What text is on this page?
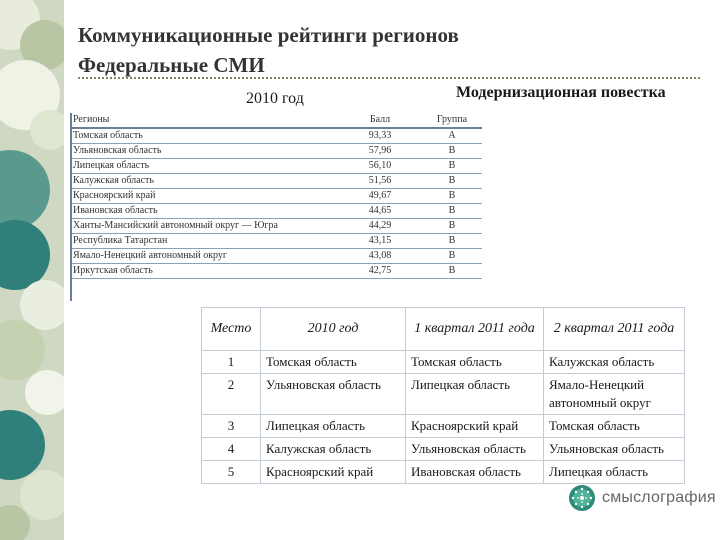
Коммуникационные рейтинги регионов
Федеральные СМИ
2010 год	Модернизационная повестка
Регионы	Балл	Группа
Томская область	93,33	A
Ульяновская область	57,96	B
Липецкая область	56,10	B
Калужская область	51,56	B
Красноярский край	49,67	B
Ивановская область	44,65	B
Ханты-Мансийский автономный округ — Югра	44,29	B
Республика Татарстан	43,15	B
Ямало-Ненецкий автономный округ	43,08	B
Иркутская область	42,75	B
Место	2010 год	1 квартал 2011 года	2 квартал 2011 года
1	Томская область	Томская область	Калужская область
2	Ульяновская область	Липецкая область	Ямало-Ненецкий автономный округ
3	Липецкая область	Красноярский край	Томская область
4	Калужская область	Ульяновская область	Ульяновская область
5	Красноярский край	Ивановская область	Липецкая область
смыслография
